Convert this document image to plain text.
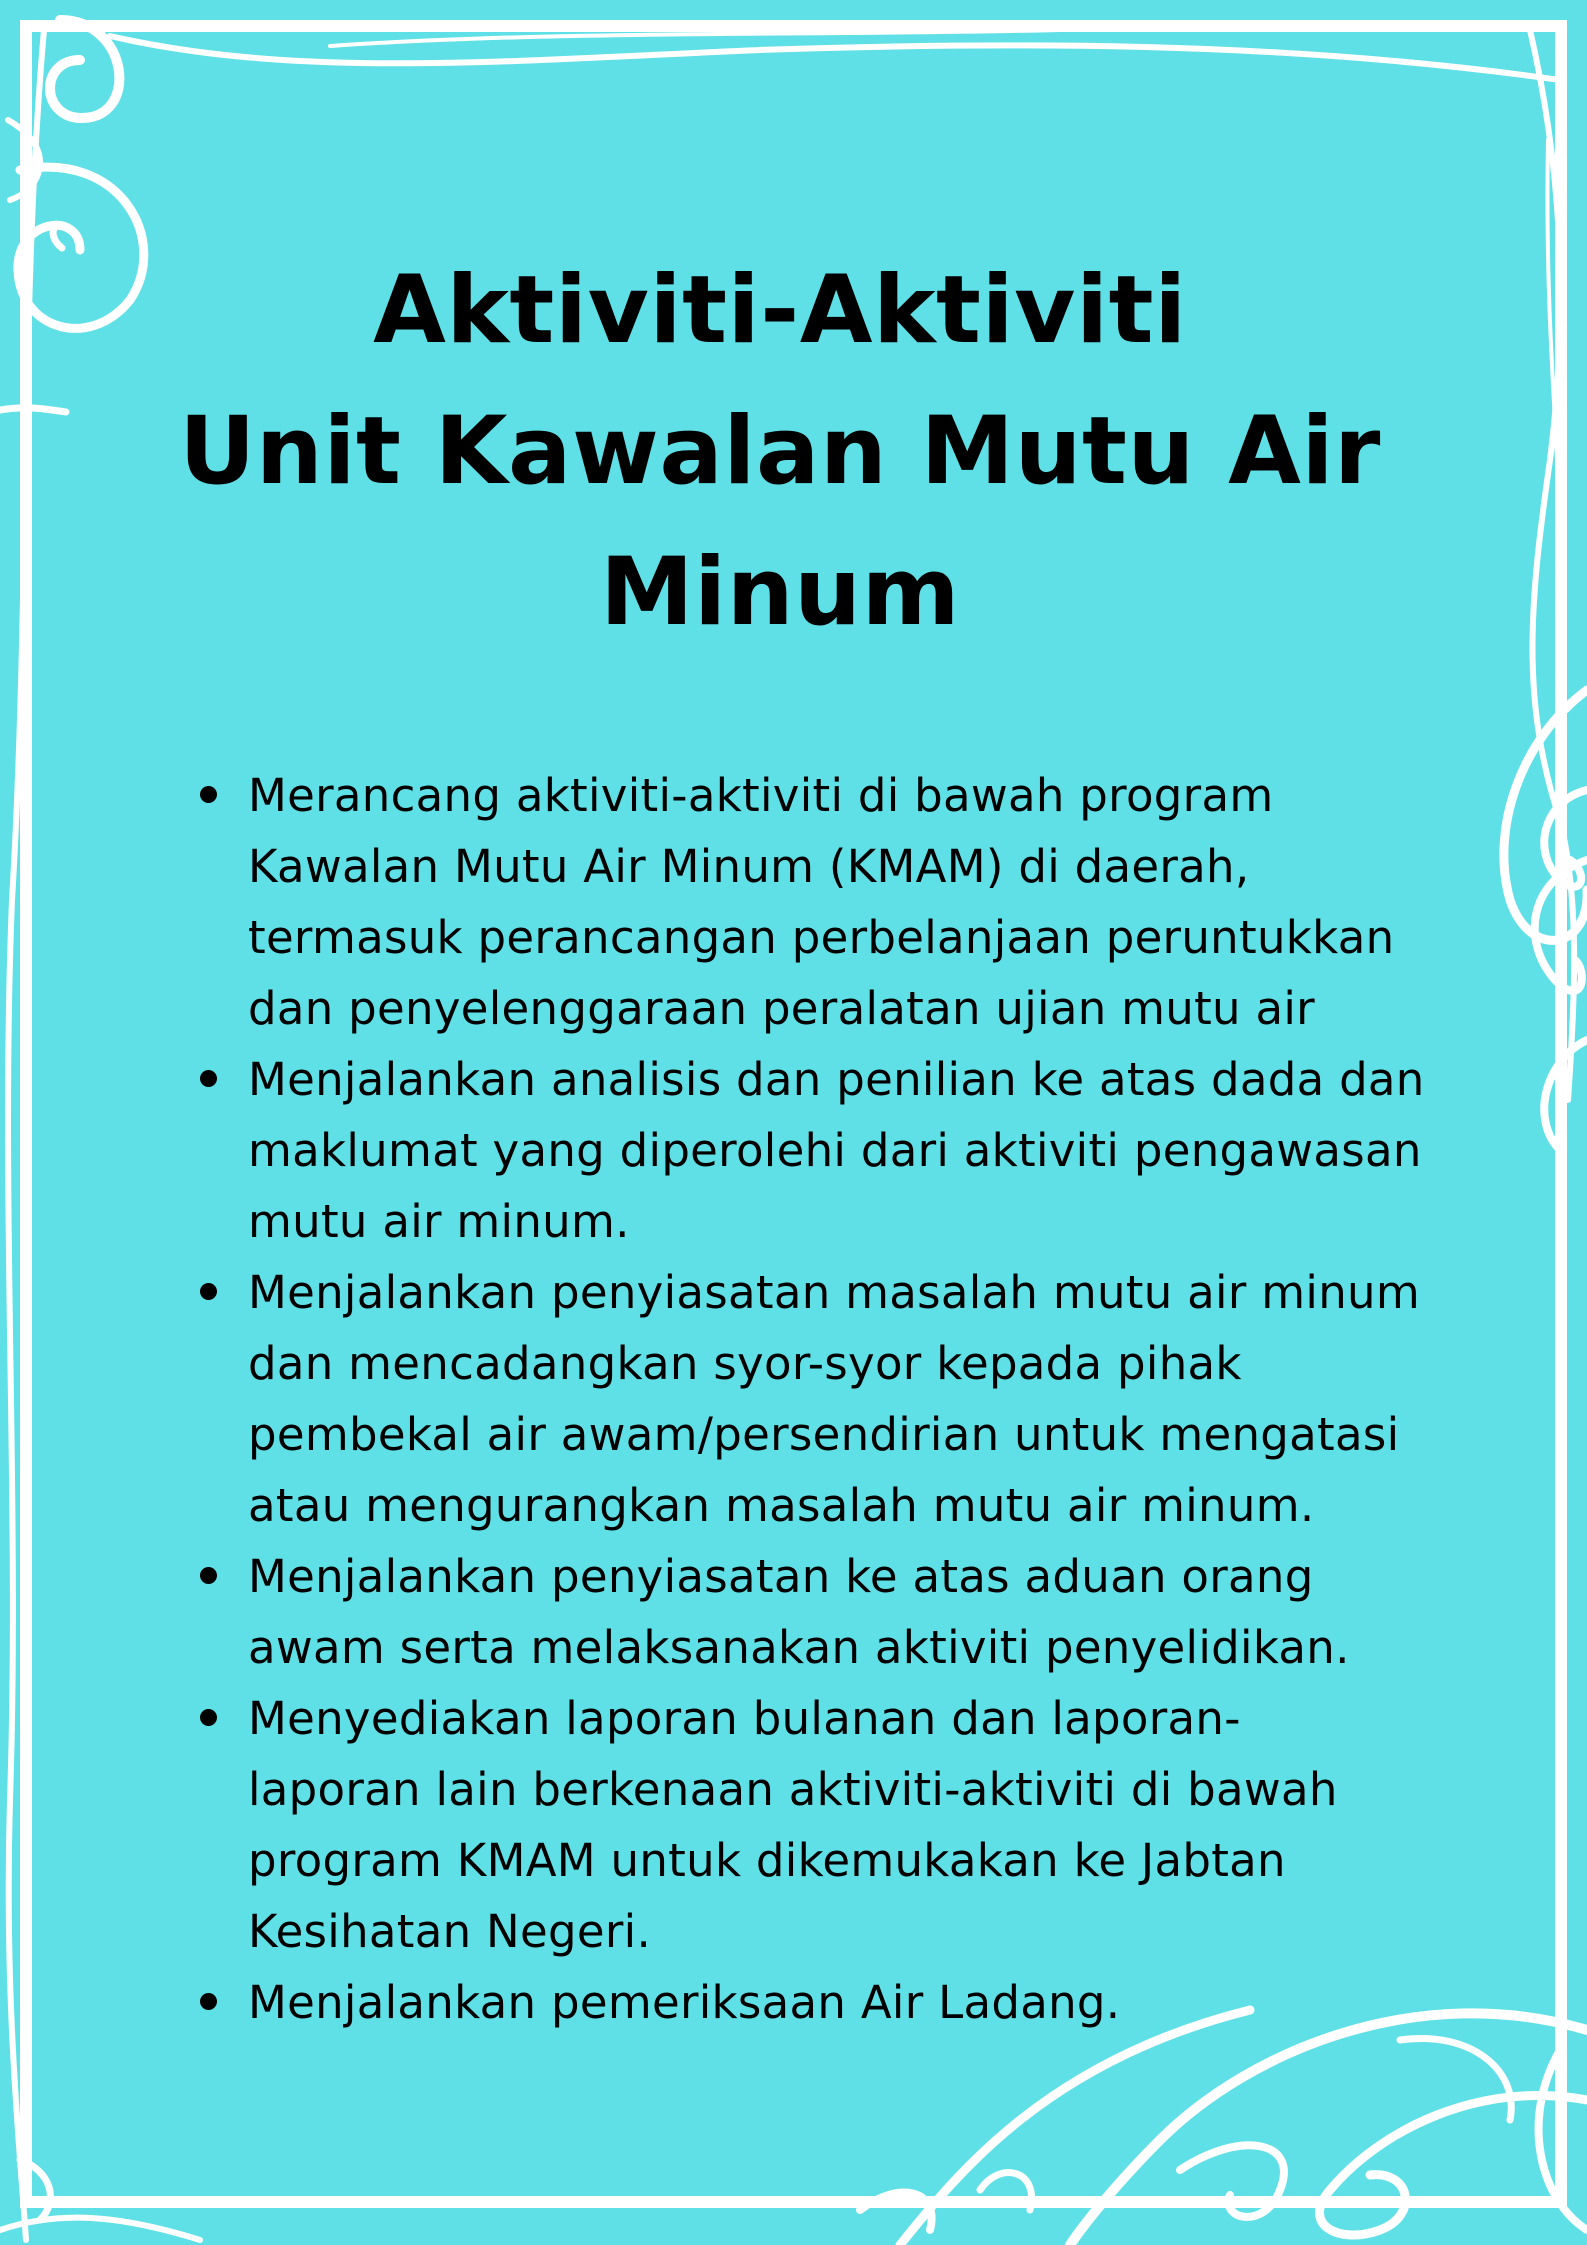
Aktiviti-Aktiviti
Unit Kawalan Mutu Air
Minum
Merancang aktiviti-aktiviti di bawah program
Kawalan Mutu Air Minum (KMAM) di daerah,
termasuk perancangan perbelanjaan peruntukkan
dan penyelenggaraan peralatan ujian mutu air
Menjalankan analisis dan penilian ke atas dada dan
maklumat yang diperolehi dari aktiviti pengawasan
mutu air minum.
Menjalankan penyiasatan masalah mutu air minum
dan mencadangkan syor-syor kepada pihak
pembekal air awam/persendirian untuk mengatasi
atau mengurangkan masalah mutu air minum.
Menjalankan penyiasatan ke atas aduan orang
awam serta melaksanakan aktiviti penyelidikan.
Menyediakan laporan bulanan dan laporan-
laporan lain berkenaan aktiviti-aktiviti di bawah
program KMAM untuk dikemukakan ke Jabtan
Kesihatan Negeri.
Menjalankan pemeriksaan Air Ladang.
